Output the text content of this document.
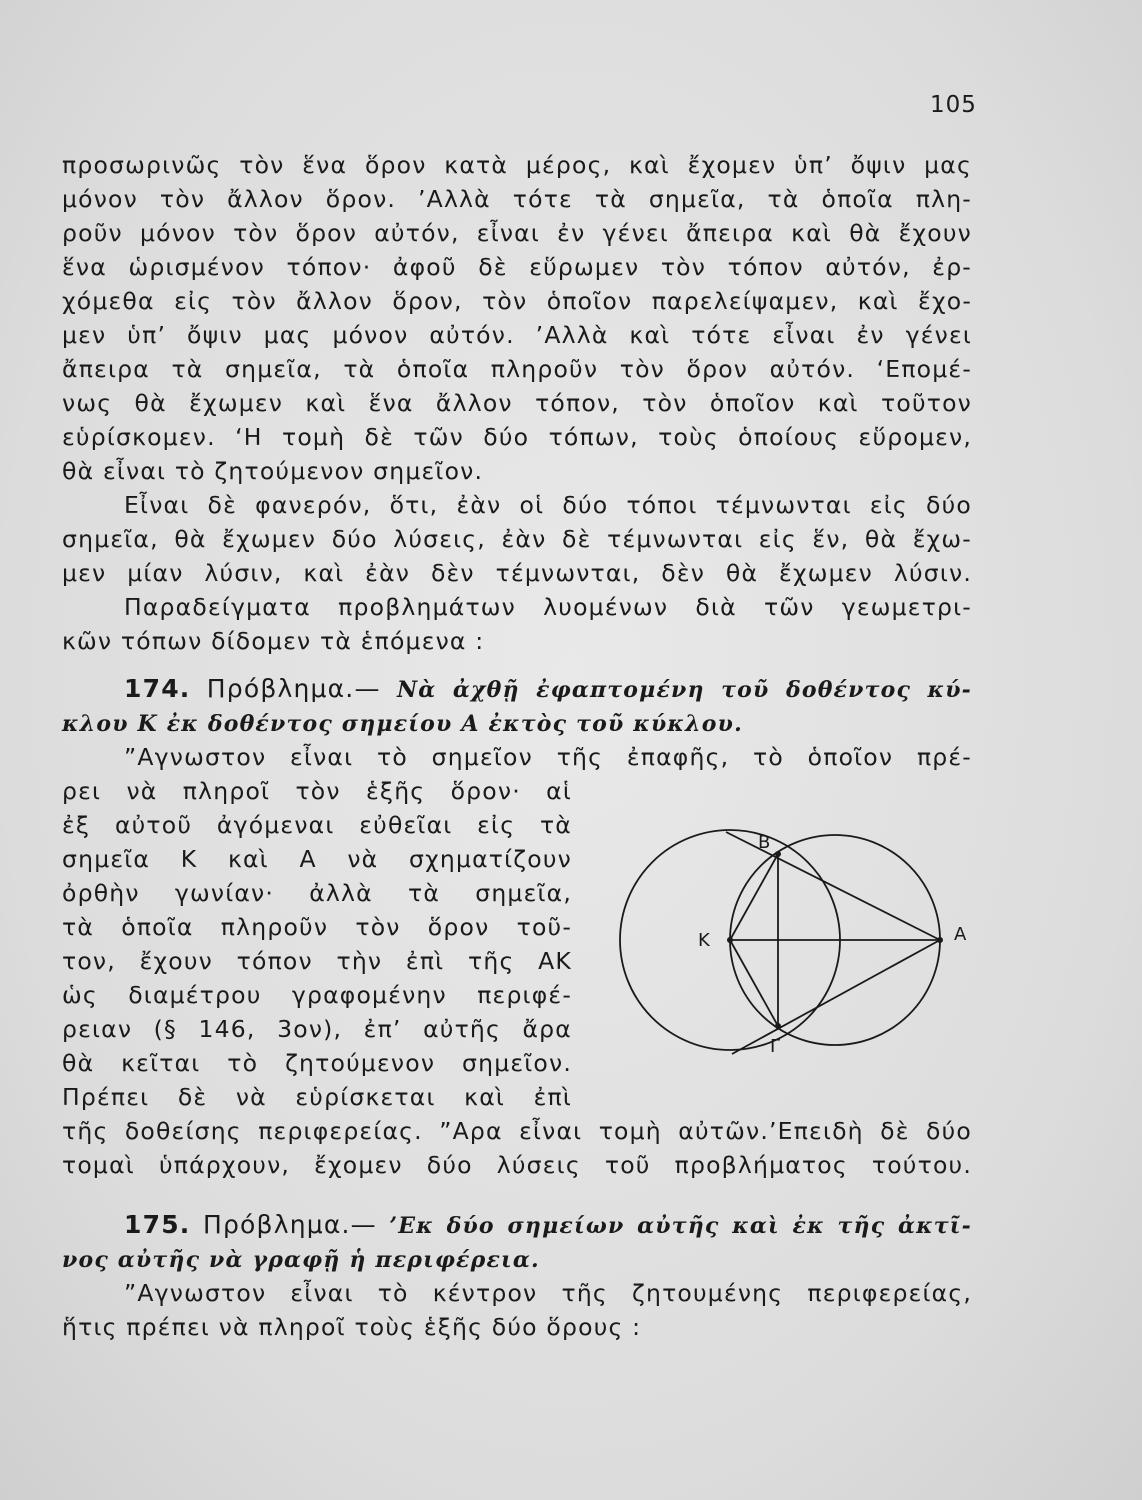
105
προσωρινῶς τὸν ἕνα ὅρον κατὰ μέρος, καὶ ἔχομεν ὑπ’ ὄψιν μας
μόνον τὸν ἄλλον ὅρον. ’Αλλὰ τότε τὰ σημεῖα, τὰ ὁποῖα πλη-
ροῦν μόνον τὸν ὅρον αὐτόν, εἶναι ἐν γένει ἄπειρα καὶ θὰ ἔχουν
ἕνα ὡρισμένον τόπον· ἀφοῦ δὲ εὕρωμεν τὸν τόπον αὐτόν, ἐρ-
χόμεθα εἰς τὸν ἄλλον ὅρον, τὸν ὁποῖον παρελείψαμεν, καὶ ἔχο-
μεν ὑπ’ ὄψιν μας μόνον αὐτόν. ’Αλλὰ καὶ τότε εἶναι ἐν γένει
ἄπειρα τὰ σημεῖα, τὰ ὁποῖα πληροῦν τὸν ὅρον αὐτόν. ‘Επομέ-
νως θὰ ἔχωμεν καὶ ἕνα ἄλλον τόπον, τὸν ὁποῖον καὶ τοῦτον
εὑρίσκομεν. ‘Η τομὴ δὲ τῶν δύο τόπων, τοὺς ὁποίους εὕρομεν,
θὰ εἶναι τὸ ζητούμενον σημεῖον.
Εἶναι δὲ φανερόν, ὅτι, ἐὰν οἱ δύο τόποι τέμνωνται εἰς δύο
σημεῖα, θὰ ἔχωμεν δύο λύσεις, ἐὰν δὲ τέμνωνται εἰς ἕν, θὰ ἔχω-
μεν μίαν λύσιν, καὶ ἐὰν δὲν τέμνωνται, δὲν θὰ ἔχωμεν λύσιν.
Παραδείγματα προβλημάτων λυομένων διὰ τῶν γεωμετρι-
κῶν τόπων δίδομεν τὰ ἑπόμενα :
174. Πρόβλημα.— Νὰ ἀχθῇ ἐφαπτομένη τοῦ δοθέντος κύ-
κλου Κ ἐκ δοθέντος σημείου Α ἐκτὸς τοῦ κύκλου.
”Αγνωστον εἶναι τὸ σημεῖον τῆς ἐπαφῆς, τὸ ὁποῖον πρέ-
ρει νὰ πληροῖ τὸν ἑξῆς ὅρον· αἱ
ἐξ αὐτοῦ ἀγόμεναι εὐθεῖαι εἰς τὰ
σημεῖα Κ καὶ Α νὰ σχηματίζουν
ὀρθὴν γωνίαν· ἀλλὰ τὰ σημεῖα,
τὰ ὁποῖα πληροῦν τὸν ὅρον τοῦ-
τον, ἔχουν τόπον τὴν ἐπὶ τῆς ΑΚ
ὡς διαμέτρου γραφομένην περιφέ-
ρειαν (§ 146, 3ον), ἐπ’ αὐτῆς ἄρα
θὰ κεῖται τὸ ζητούμενον σημεῖον.
Πρέπει δὲ νὰ εὑρίσκεται καὶ ἐπὶ
τῆς δοθείσης περιφερείας. ”Αρα εἶναι τομὴ αὐτῶν.’Επειδὴ δὲ δύο
τομαὶ ὑπάρχουν, ἔχομεν δύο λύσεις τοῦ προβλήματος τούτου.
Β
Κ	Α
Γ
175. Πρόβλημα.— ’Εκ δύο σημείων αὐτῆς καὶ ἐκ τῆς ἀκτῖ-
νος αὐτῆς νὰ γραφῇ ἡ περιφέρεια.
”Αγνωστον εἶναι τὸ κέντρον τῆς ζητουμένης περιφερείας,
ἥτις πρέπει νὰ πληροῖ τοὺς ἑξῆς δύο ὅρους :
